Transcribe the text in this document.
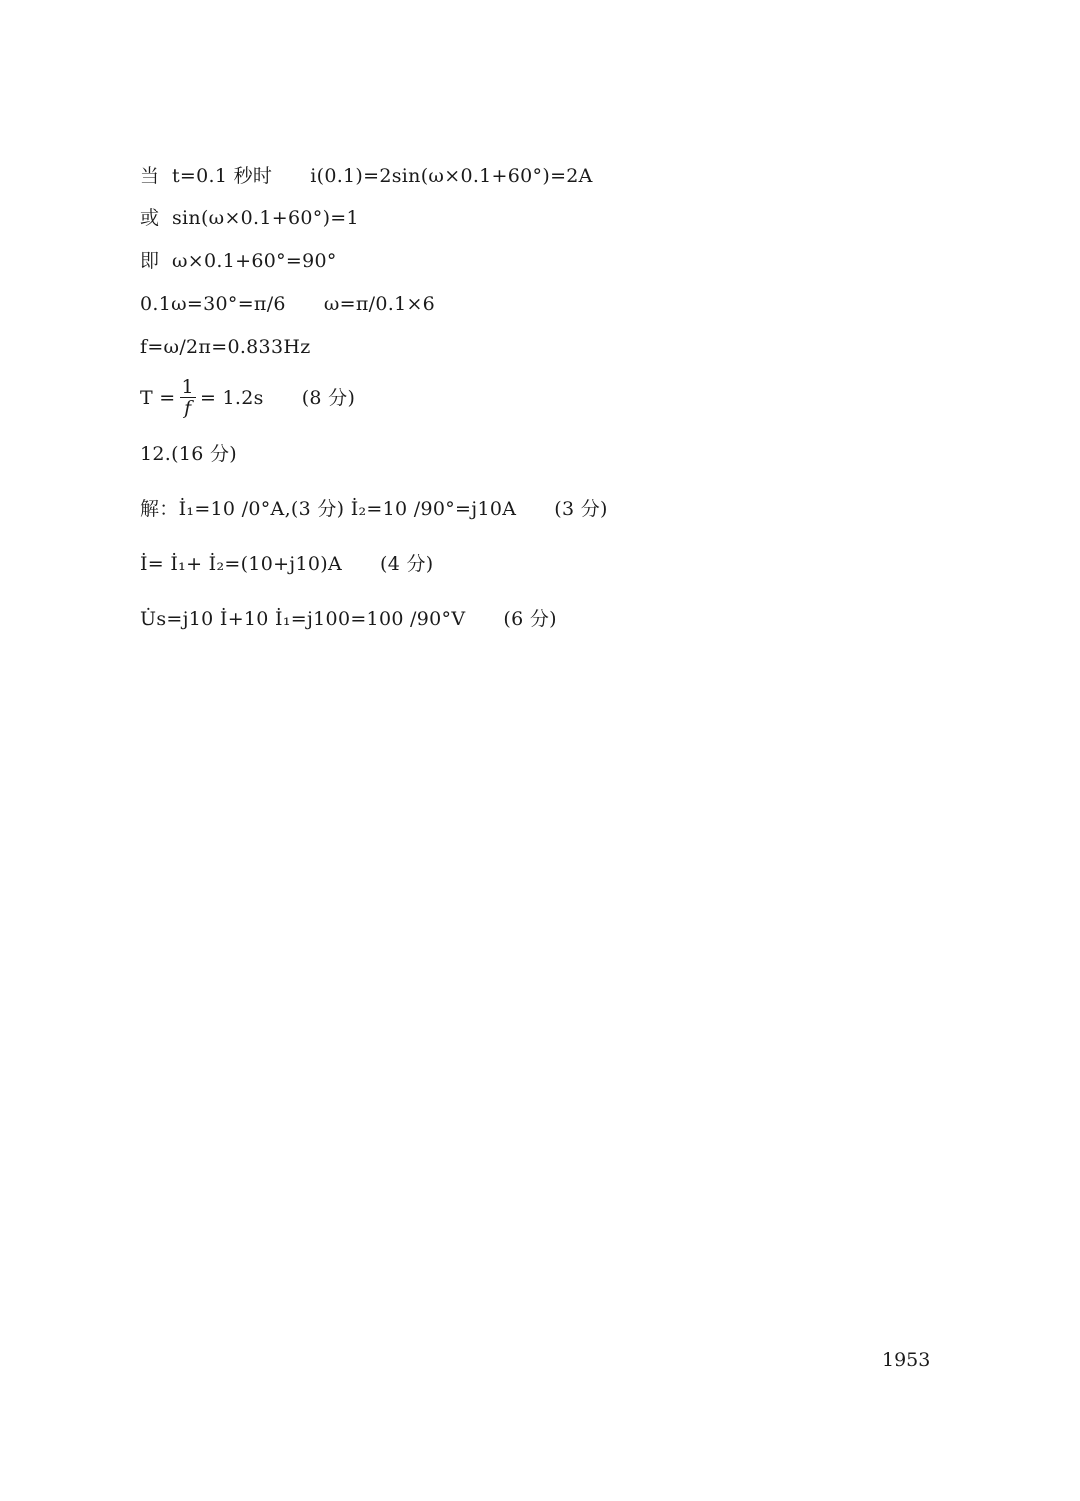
当  t=0.1 秒时      i(0.1)=2sin(ω×0.1+60°)=2A
或  sin(ω×0.1+60°)=1
即  ω×0.1+60°=90°
0.1ω=30°=π/6      ω=π/0.1×6
f=ω/2π=0.833Hz
$T = \frac{1}{f} = 1.2s$      (8 分)
12.(16 分)
解：İ₁=10 /0°A,(3 分) İ₂=10 /90°=j10A      (3 分)
İ= İ₁+ İ₂=(10+j10)A      (4 分)
U̇s=j10 İ+10 İ₁=j100=100 /90°V      (6 分)
1953
